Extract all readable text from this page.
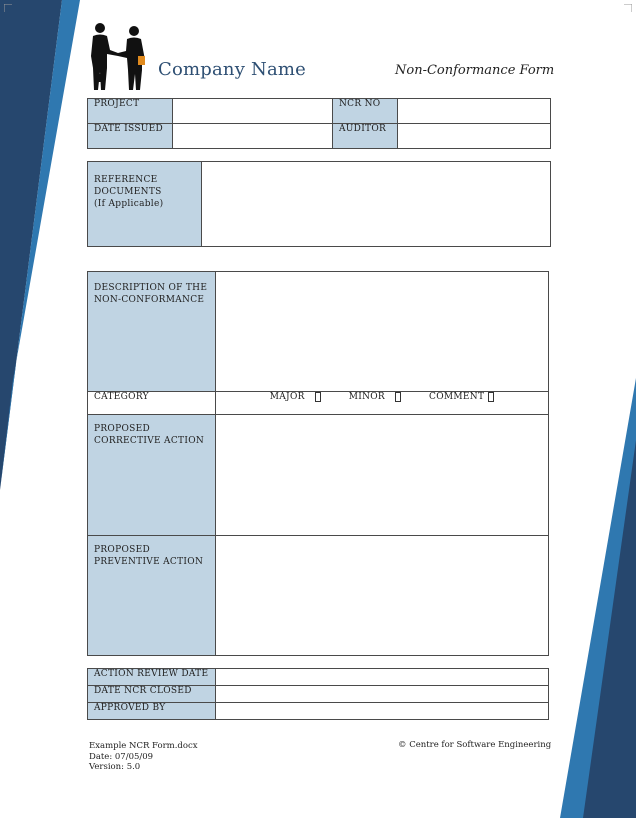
Company Name	Non-Conformance Form
PROJECT		NCR NO	

DATE ISSUED		AUDITOR	

REFERENCE
DOCUMENTS
(If Applicable)

DESCRIPTION OF THE
NON-CONFORMANCE	

CATEGORY	MAJOR MINOR COMMENT

PROPOSED
CORRECTIVE ACTION	

PROPOSED
PREVENTIVE ACTION	

ACTION REVIEW DATE	

DATE NCR CLOSED	

APPROVED BY	

Example NCR Form.docx
Date: 07/05/09
Version: 5.0
© Centre for Software Engineering
